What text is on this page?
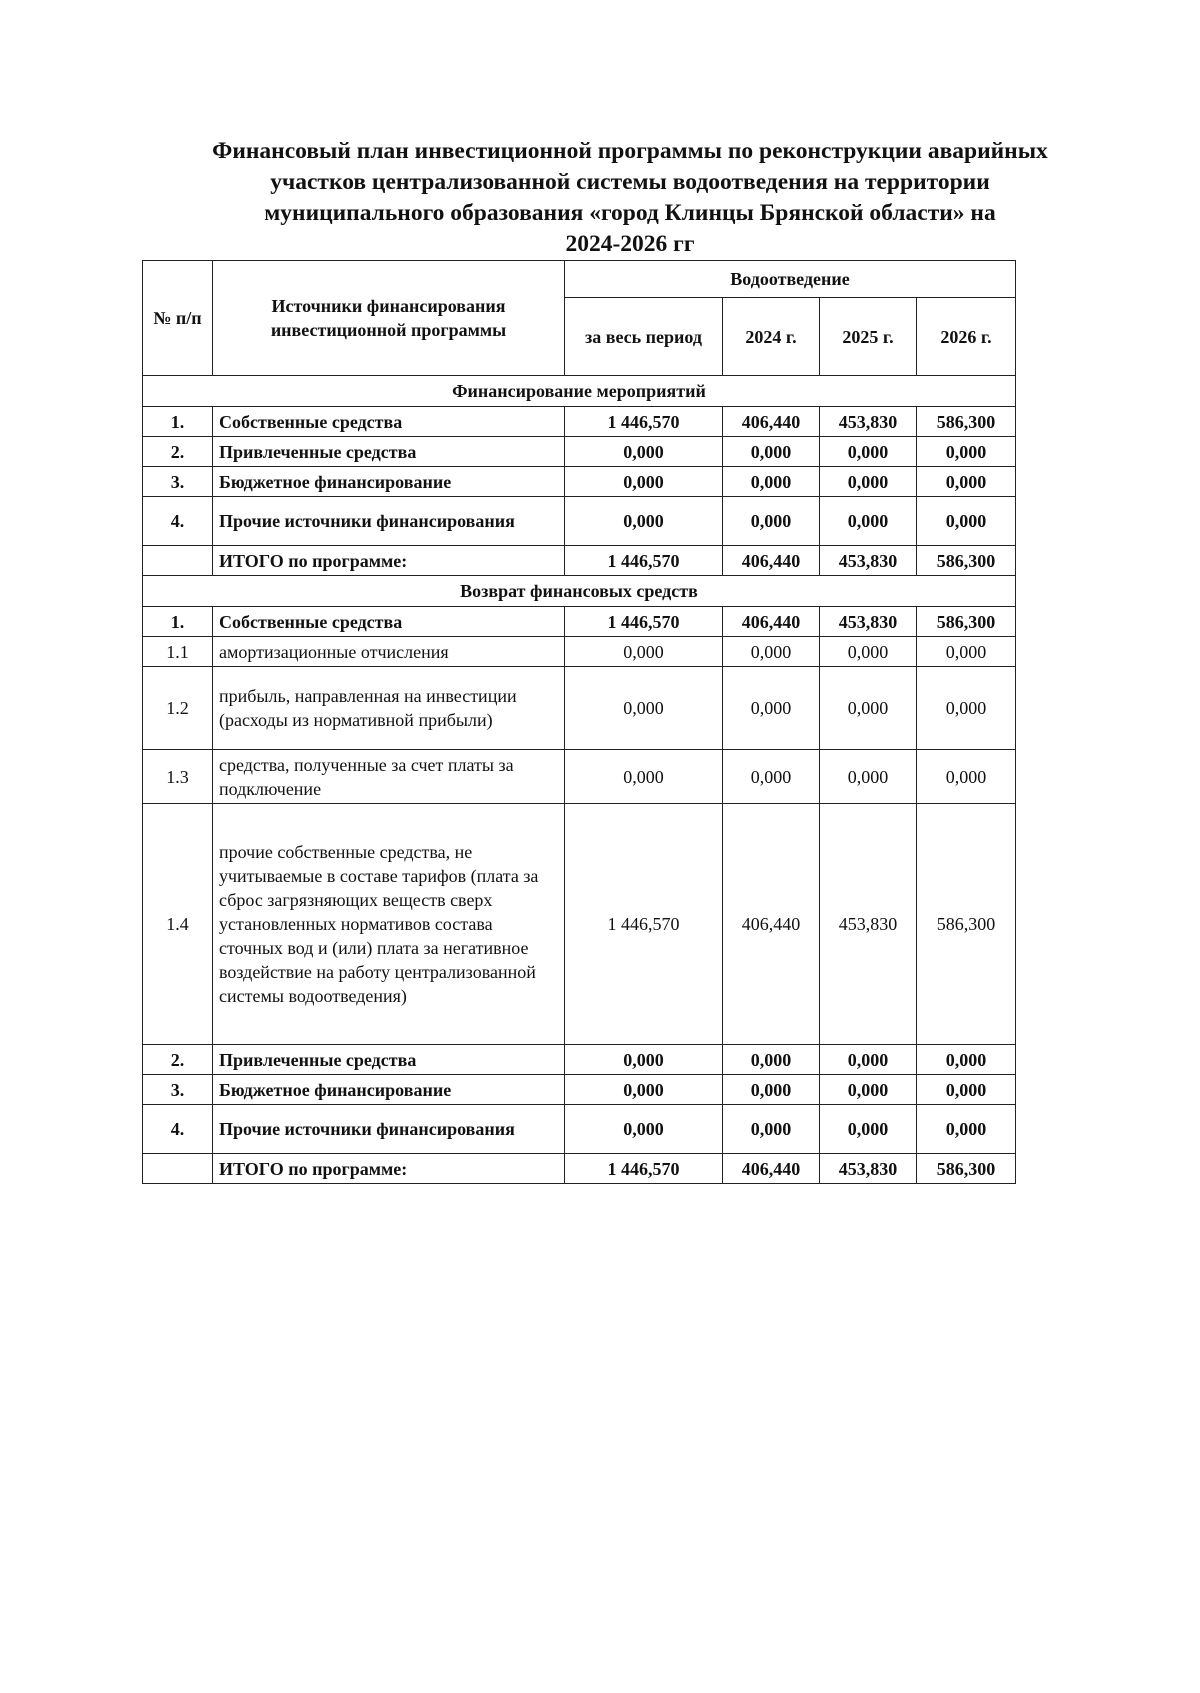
Финансовый план инвестиционной программы по реконструкции аварийных
участков централизованной системы водоотведения на территории
муниципального образования «город Клинцы Брянской области» на
2024-2026 гг
№ п/п	Источники финансирования инвестиционной программы	Водоотведение			
		за весь период	2024 г.	2025 г.	2026 г.
Финансирование мероприятий					
1.	Собственные средства	1 446,570	406,440	453,830	586,300
2.	Привлеченные средства	0,000	0,000	0,000	0,000
3.	Бюджетное финансирование	0,000	0,000	0,000	0,000
4.	Прочие источники финансирования	0,000	0,000	0,000	0,000
	ИТОГО по программе:	1 446,570	406,440	453,830	586,300
Возврат финансовых средств					
1.	Собственные средства	1 446,570	406,440	453,830	586,300
1.1	амортизационные отчисления	0,000	0,000	0,000	0,000
1.2	прибыль, направленная на инвестиции (расходы из нормативной прибыли)	0,000	0,000	0,000	0,000
1.3	средства, полученные за счет платы за подключение	0,000	0,000	0,000	0,000
1.4	прочие собственные средства, не учитываемые в составе тарифов (плата за сброс загрязняющих веществ сверх установленных нормативов состава сточных вод и (или) плата за негативное воздействие на работу централизованной системы водоотведения)	1 446,570	406,440	453,830	586,300
2.	Привлеченные средства	0,000	0,000	0,000	0,000
3.	Бюджетное финансирование	0,000	0,000	0,000	0,000
4.	Прочие источники финансирования	0,000	0,000	0,000	0,000
	ИТОГО по программе:	1 446,570	406,440	453,830	586,300
